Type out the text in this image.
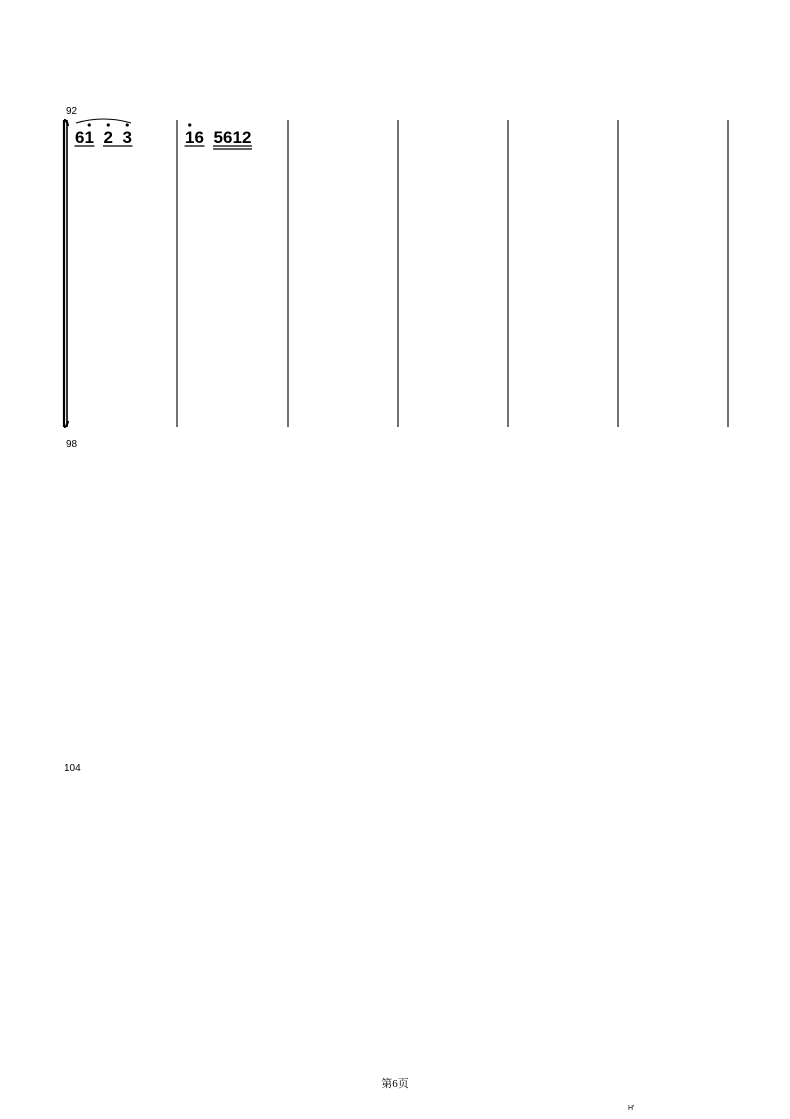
6 1 2 3	1 6 5 6 1 2
92
98
104
第6页
H'
